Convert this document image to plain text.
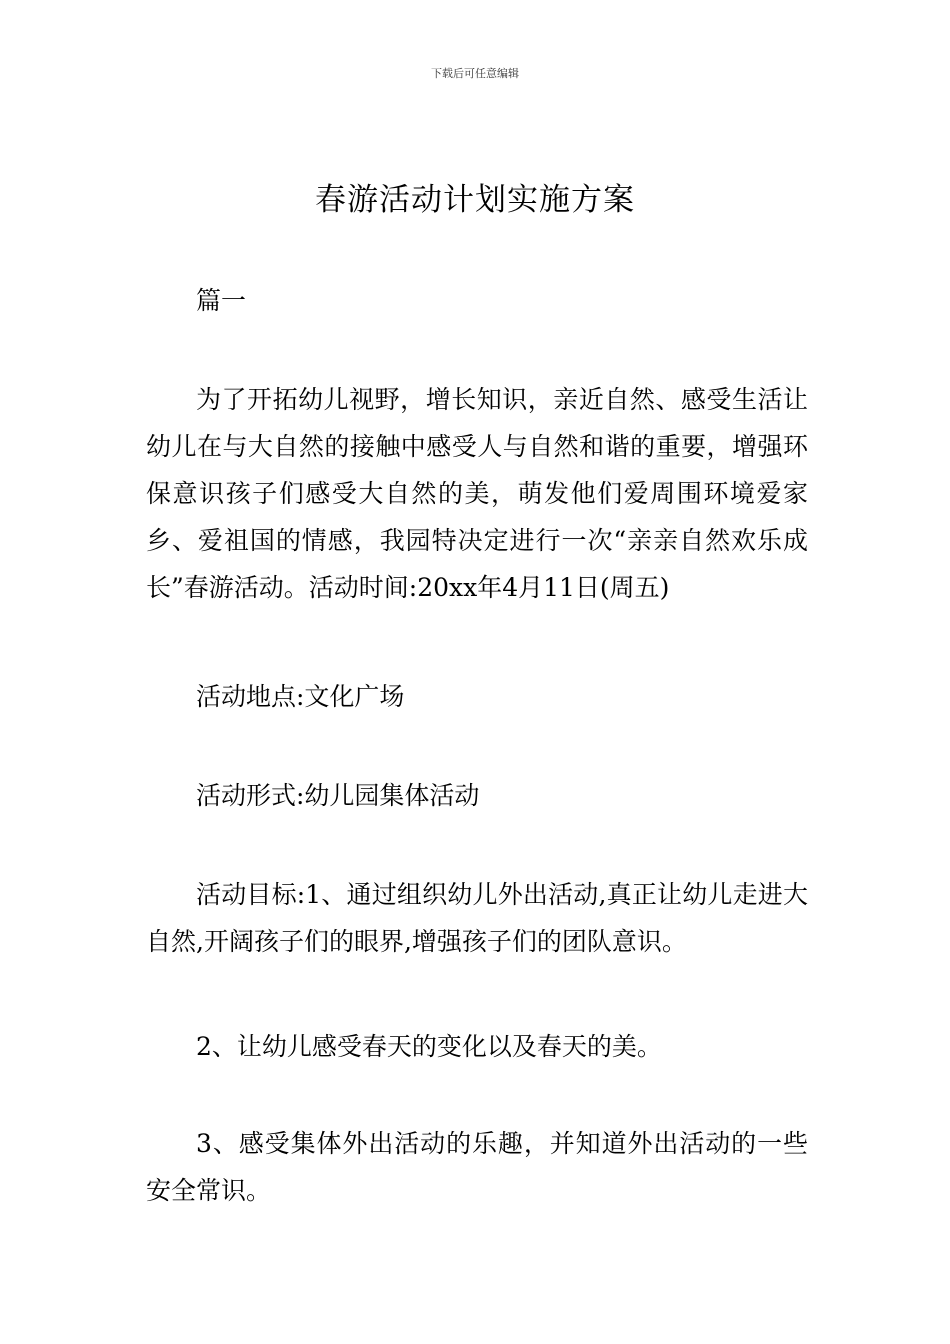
下载后可任意编辑
春游活动计划实施方案

篇一

为了开拓幼儿视野，增长知识，亲近自然、感受生活让幼儿在与大自然的接触中感受人与自然和谐的重要，增强环保意识孩子们感受大自然的美，萌发他们爱周围环境爱家乡、爱祖国的情感，我园特决定进行一次“亲亲自然欢乐成长”春游活动。活动时间:20xx年4月11日(周五)

活动地点:文化广场

活动形式:幼儿园集体活动

活动目标:1、通过组织幼儿外出活动,真正让幼儿走进大自然,开阔孩子们的眼界,增强孩子们的团队意识。

2、让幼儿感受春天的变化以及春天的美。

3、感受集体外出活动的乐趣，并知道外出活动的一些安全常识。
